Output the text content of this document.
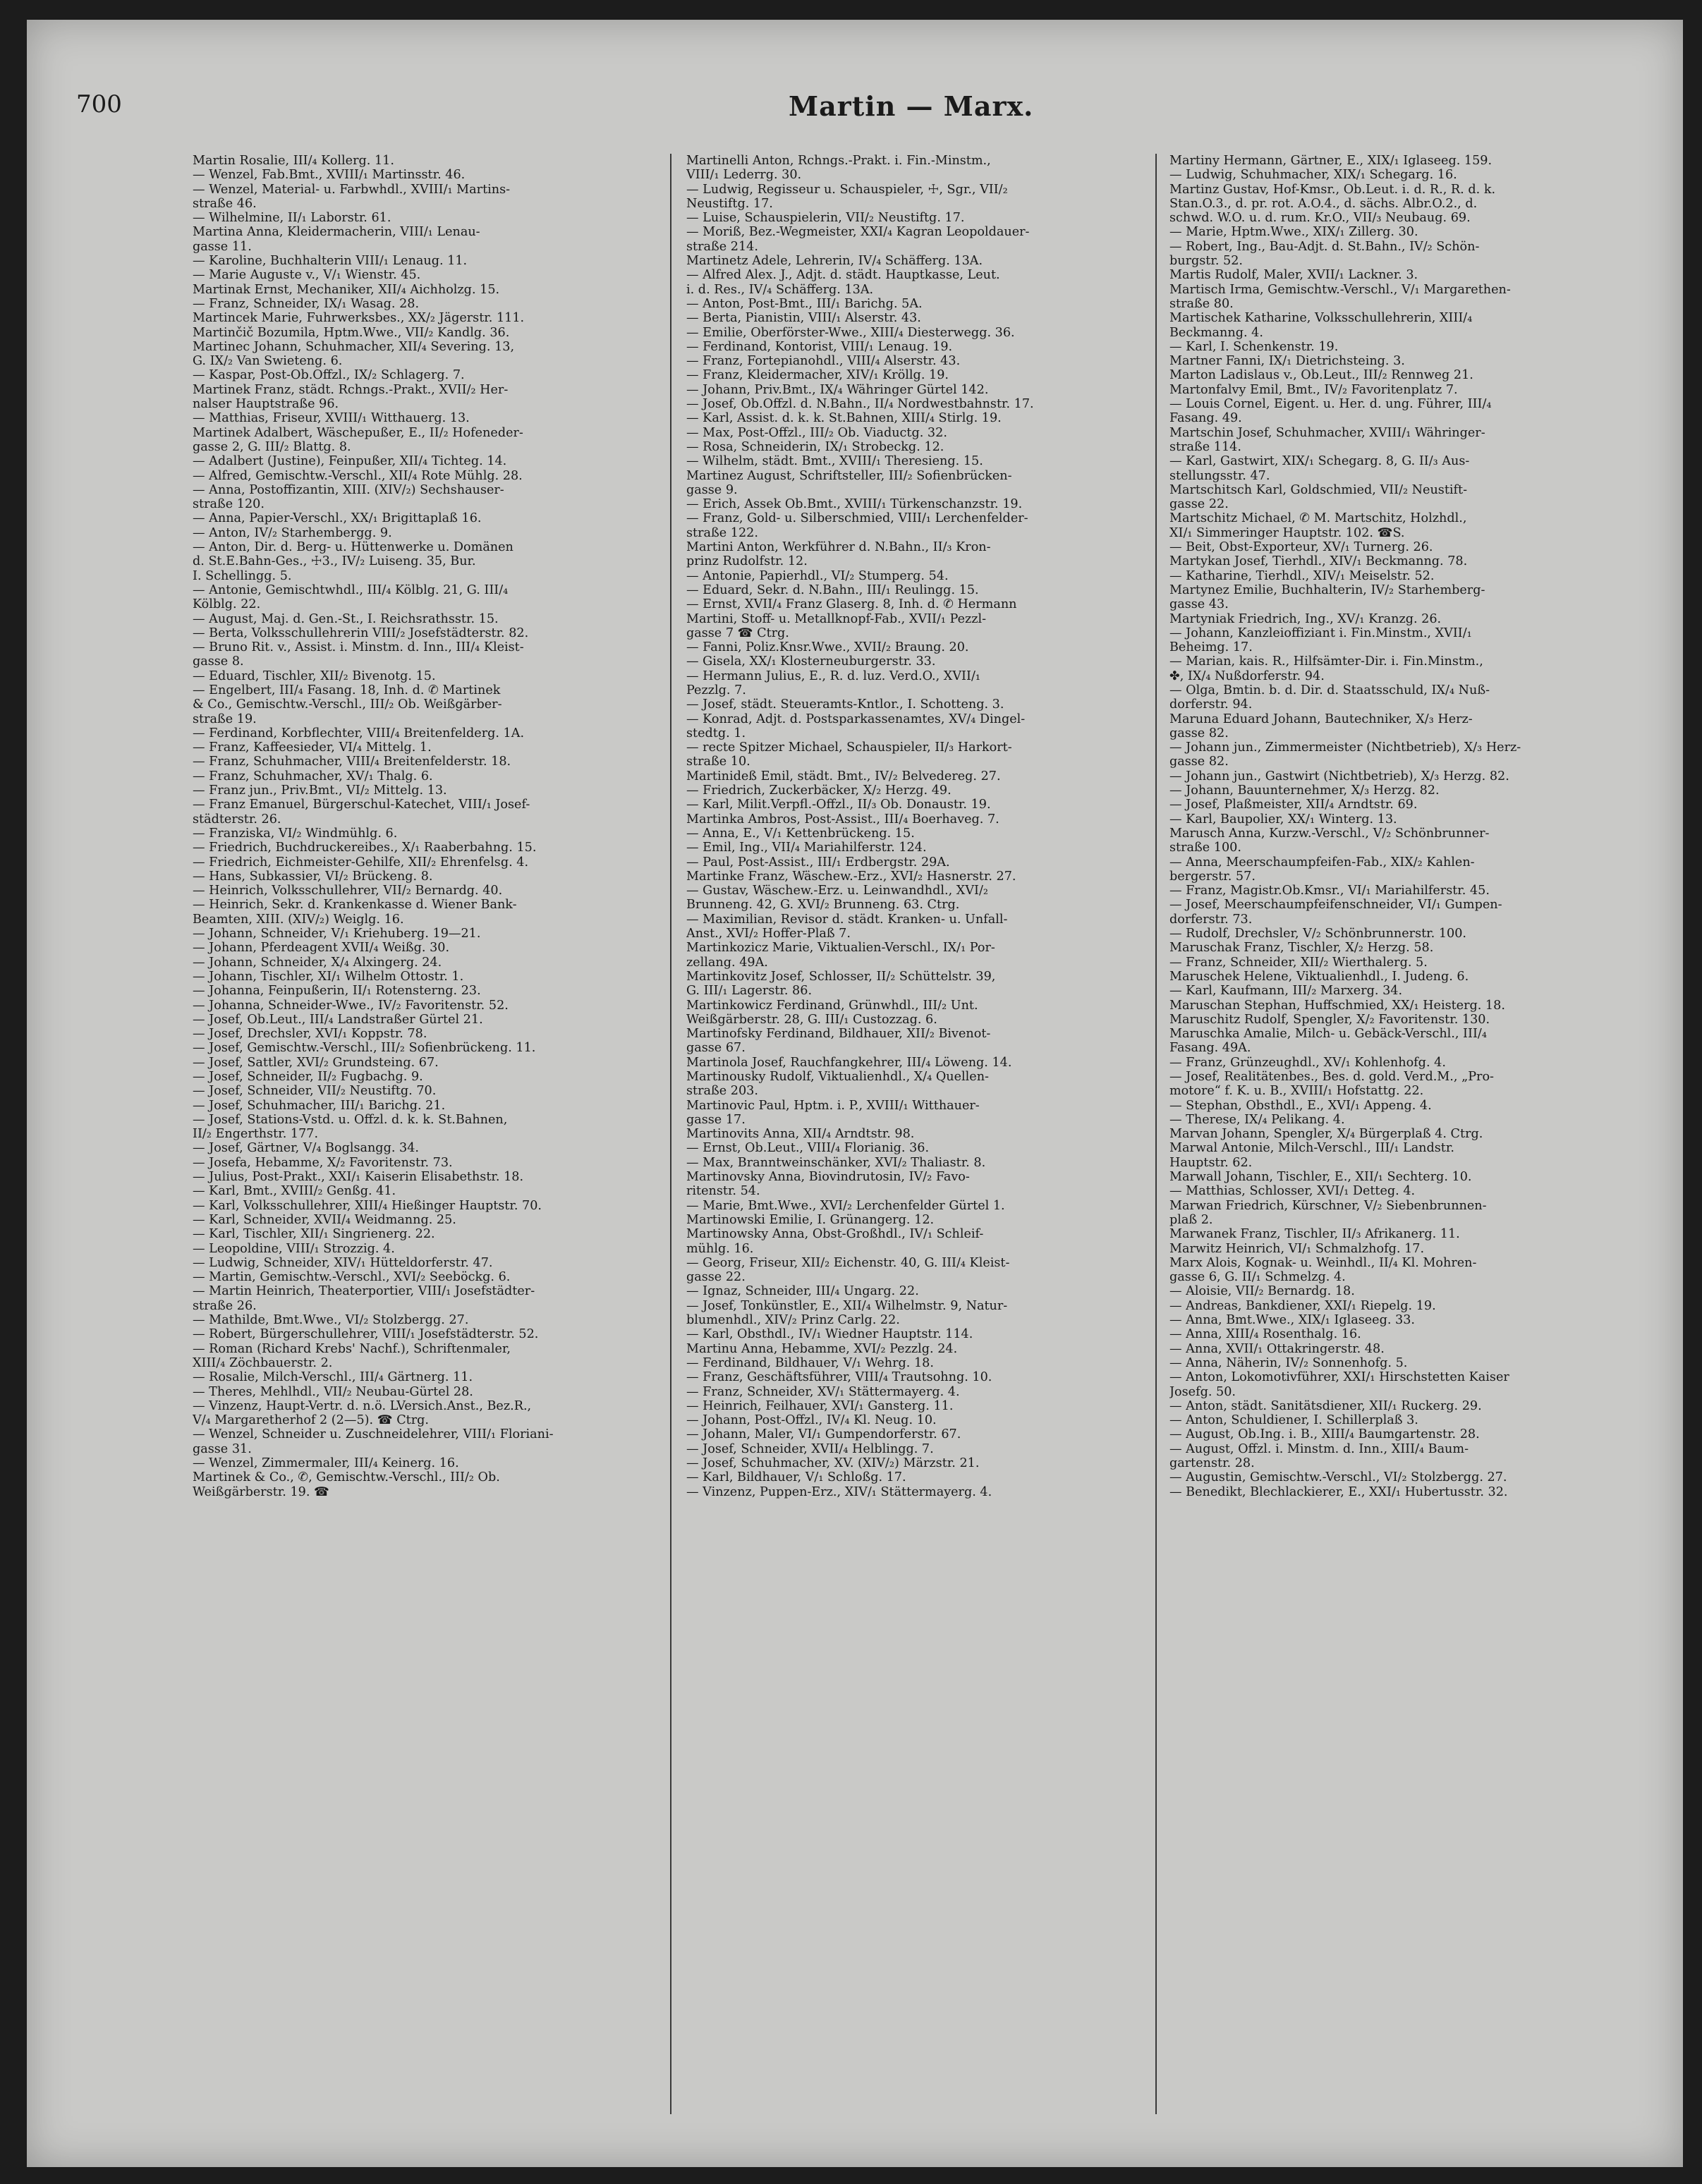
700	Martin — Marx.
Martin Rosalie, III/₄ Kollerg. 11.
— Wenzel, Fab.Bmt., XVIII/₁ Martinsstr. 46.
— Wenzel, Material- u. Farbwhdl., XVIII/₁ Martins-
straße 46.
— Wilhelmine, II/₁ Laborstr. 61.
Martina Anna, Kleidermacherin, VIII/₁ Lenau-
gasse 11.
— Karoline, Buchhalterin VIII/₁ Lenaug. 11.
— Marie Auguste v., V/₁ Wienstr. 45.
Martinak Ernst, Mechaniker, XII/₄ Aichholzg. 15.
— Franz, Schneider, IX/₁ Wasag. 28.
Martincek Marie, Fuhrwerksbes., XX/₂ Jägerstr. 111.
Martinčič Bozumila, Hptm.Wwe., VII/₂ Kandlg. 36.
Martinec Johann, Schuhmacher, XII/₄ Severing. 13,
G. IX/₂ Van Swieteng. 6.
— Kaspar, Post-Ob.Offzl., IX/₂ Schlagerg. 7.
Martinek Franz, städt. Rchngs.-Prakt., XVII/₂ Her-
nalser Hauptstraße 96.
— Matthias, Friseur, XVIII/₁ Witthauerg. 13.
Martinek Adalbert, Wäschepußer, E., II/₂ Hofeneder-
gasse 2, G. III/₂ Blattg. 8.
— Adalbert (Justine), Feinpußer, XII/₄ Tichteg. 14.
— Alfred, Gemischtw.-Verschl., XII/₄ Rote Mühlg. 28.
— Anna, Postoffizantin, XIII. (XIV/₂) Sechshauser-
straße 120.
— Anna, Papier-Verschl., XX/₁ Brigittaplaß 16.
— Anton, IV/₂ Starhembergg. 9.
— Anton, Dir. d. Berg- u. Hüttenwerke u. Domänen
d. St.E.Bahn-Ges., ☩3., IV/₂ Luiseng. 35, Bur.
I. Schellingg. 5.
— Antonie, Gemischtwhdl., III/₄ Kölblg. 21, G. III/₄
Kölblg. 22.
— August, Maj. d. Gen.-St., I. Reichsrathsstr. 15.
— Berta, Volksschullehrerin VIII/₂ Josefstädterstr. 82.
— Bruno Rit. v., Assist. i. Minstm. d. Inn., III/₄ Kleist-
gasse 8.
— Eduard, Tischler, XII/₂ Bivenotg. 15.
— Engelbert, III/₄ Fasang. 18, Inh. d. ✆ Martinek
& Co., Gemischtw.-Verschl., III/₂ Ob. Weißgärber-
straße 19.
— Ferdinand, Korbflechter, VIII/₄ Breitenfelderg. 1A.
— Franz, Kaffeesieder, VI/₄ Mittelg. 1.
— Franz, Schuhmacher, VIII/₄ Breitenfelderstr. 18.
— Franz, Schuhmacher, XV/₁ Thalg. 6.
— Franz jun., Priv.Bmt., VI/₂ Mittelg. 13.
— Franz Emanuel, Bürgerschul-Katechet, VIII/₁ Josef-
städterstr. 26.
— Franziska, VI/₂ Windmühlg. 6.
— Friedrich, Buchdruckereibes., X/₁ Raaberbahng. 15.
— Friedrich, Eichmeister-Gehilfe, XII/₂ Ehrenfelsg. 4.
— Hans, Subkassier, VI/₂ Brückeng. 8.
— Heinrich, Volksschullehrer, VII/₂ Bernardg. 40.
— Heinrich, Sekr. d. Krankenkasse d. Wiener Bank-
Beamten, XIII. (XIV/₂) Weiglg. 16.
— Johann, Schneider, V/₁ Kriehuberg. 19—21.
— Johann, Pferdeagent XVII/₄ Weißg. 30.
— Johann, Schneider, X/₄ Alxingerg. 24.
— Johann, Tischler, XI/₁ Wilhelm Ottostr. 1.
— Johanna, Feinpußerin, II/₁ Rotensterng. 23.
— Johanna, Schneider-Wwe., IV/₂ Favoritenstr. 52.
— Josef, Ob.Leut., III/₄ Landstraßer Gürtel 21.
— Josef, Drechsler, XVI/₁ Koppstr. 78.
— Josef, Gemischtw.-Verschl., III/₂ Sofienbrückeng. 11.
— Josef, Sattler, XVI/₂ Grundsteing. 67.
— Josef, Schneider, II/₂ Fugbachg. 9.
— Josef, Schneider, VII/₂ Neustiftg. 70.
— Josef, Schuhmacher, III/₁ Barichg. 21.
— Josef, Stations-Vstd. u. Offzl. d. k. k. St.Bahnen,
II/₂ Engerthstr. 177.
— Josef, Gärtner, V/₄ Boglsangg. 34.
— Josefa, Hebamme, X/₂ Favoritenstr. 73.
— Julius, Post-Prakt., XXI/₁ Kaiserin Elisabethstr. 18.
— Karl, Bmt., XVIII/₂ Genßg. 41.
— Karl, Volksschullehrer, XIII/₄ Hießinger Hauptstr. 70.
— Karl, Schneider, XVII/₄ Weidmanng. 25.
— Karl, Tischler, XII/₁ Singrienerg. 22.
— Leopoldine, VIII/₁ Strozzig. 4.
— Ludwig, Schneider, XIV/₁ Hütteldorferstr. 47.
— Martin, Gemischtw.-Verschl., XVI/₂ Seeböckg. 6.
— Martin Heinrich, Theaterportier, VIII/₁ Josefstädter-
straße 26.
— Mathilde, Bmt.Wwe., VI/₂ Stolzbergg. 27.
— Robert, Bürgerschullehrer, VIII/₁ Josefstädterstr. 52.
— Roman (Richard Krebs' Nachf.), Schriftenmaler,
XIII/₄ Zöchbauerstr. 2.
— Rosalie, Milch-Verschl., III/₄ Gärtnerg. 11.
— Theres, Mehlhdl., VII/₂ Neubau-Gürtel 28.
— Vinzenz, Haupt-Vertr. d. n.ö. LVersich.Anst., Bez.R.,
V/₄ Margaretherhof 2 (2—5). ☎ Ctrg.
— Wenzel, Schneider u. Zuschneidelehrer, VIII/₁ Floriani-
gasse 31.
— Wenzel, Zimmermaler, III/₄ Keinerg. 16.
Martinek & Co., ✆, Gemischtw.-Verschl., III/₂ Ob.
Weißgärberstr. 19. ☎
Martinelli Anton, Rchngs.-Prakt. i. Fin.-Minstm.,
VIII/₁ Lederrg. 30.
— Ludwig, Regisseur u. Schauspieler, ☩, Sgr., VII/₂
Neustiftg. 17.
— Luise, Schauspielerin, VII/₂ Neustiftg. 17.
— Moriß, Bez.-Wegmeister, XXI/₄ Kagran Leopoldauer-
straße 214.
Martinetz Adele, Lehrerin, IV/₄ Schäfferg. 13A.
— Alfred Alex. J., Adjt. d. städt. Hauptkasse, Leut.
i. d. Res., IV/₄ Schäfferg. 13A.
— Anton, Post-Bmt., III/₁ Barichg. 5A.
— Berta, Pianistin, VIII/₁ Alserstr. 43.
— Emilie, Oberförster-Wwe., XIII/₄ Diesterwegg. 36.
— Ferdinand, Kontorist, VIII/₁ Lenaug. 19.
— Franz, Fortepianohdl., VIII/₄ Alserstr. 43.
— Franz, Kleidermacher, XIV/₁ Kröllg. 19.
— Johann, Priv.Bmt., IX/₄ Währinger Gürtel 142.
— Josef, Ob.Offzl. d. N.Bahn., II/₄ Nordwestbahnstr. 17.
— Karl, Assist. d. k. k. St.Bahnen, XIII/₄ Stirlg. 19.
— Max, Post-Offzl., III/₂ Ob. Viaductg. 32.
— Rosa, Schneiderin, IX/₁ Strobeckg. 12.
— Wilhelm, städt. Bmt., XVIII/₁ Theresieng. 15.
Martinez August, Schriftsteller, III/₂ Sofienbrücken-
gasse 9.
— Erich, Assek Ob.Bmt., XVIII/₁ Türkenschanzstr. 19.
— Franz, Gold- u. Silberschmied, VIII/₁ Lerchenfelder-
straße 122.
Martini Anton, Werkführer d. N.Bahn., II/₃ Kron-
prinz Rudolfstr. 12.
— Antonie, Papierhdl., VI/₂ Stumperg. 54.
— Eduard, Sekr. d. N.Bahn., III/₁ Reulingg. 15.
— Ernst, XVII/₄ Franz Glaserg. 8, Inh. d. ✆ Hermann
Martini, Stoff- u. Metallknopf-Fab., XVII/₁ Pezzl-
gasse 7 ☎ Ctrg.
— Fanni, Poliz.Knsr.Wwe., XVII/₂ Braung. 20.
— Gisela, XX/₁ Klosterneuburgerstr. 33.
— Hermann Julius, E., R. d. luz. Verd.O., XVII/₁
Pezzlg. 7.
— Josef, städt. Steueramts-Kntlor., I. Schotteng. 3.
— Konrad, Adjt. d. Postsparkassenamtes, XV/₄ Dingel-
stedtg. 1.
— recte Spitzer Michael, Schauspieler, II/₃ Harkort-
straße 10.
Martinideß Emil, städt. Bmt., IV/₂ Belvedereg. 27.
— Friedrich, Zuckerbäcker, X/₂ Herzg. 49.
— Karl, Milit.Verpfl.-Offzl., II/₃ Ob. Donaustr. 19.
Martinka Ambros, Post-Assist., III/₄ Boerhaveg. 7.
— Anna, E., V/₁ Kettenbrückeng. 15.
— Emil, Ing., VII/₄ Mariahilferstr. 124.
— Paul, Post-Assist., III/₁ Erdbergstr. 29A.
Martinke Franz, Wäschew.-Erz., XVI/₂ Hasnerstr. 27.
— Gustav, Wäschew.-Erz. u. Leinwandhdl., XVI/₂
Brunneng. 42, G. XVI/₂ Brunneng. 63. Ctrg.
— Maximilian, Revisor d. städt. Kranken- u. Unfall-
Anst., XVI/₂ Hoffer-Plaß 7.
Martinkozicz Marie, Viktualien-Verschl., IX/₁ Por-
zellang. 49A.
Martinkovitz Josef, Schlosser, II/₂ Schüttelstr. 39,
G. III/₁ Lagerstr. 86.
Martinkowicz Ferdinand, Grünwhdl., III/₂ Unt.
Weißgärberstr. 28, G. III/₁ Custozzag. 6.
Martinofsky Ferdinand, Bildhauer, XII/₂ Bivenot-
gasse 67.
Martinola Josef, Rauchfangkehrer, III/₄ Löweng. 14.
Martinousky Rudolf, Viktualienhdl., X/₄ Quellen-
straße 203.
Martinovic Paul, Hptm. i. P., XVIII/₁ Witthauer-
gasse 17.
Martinovits Anna, XII/₄ Arndtstr. 98.
— Ernst, Ob.Leut., VIII/₄ Florianig. 36.
— Max, Branntweinschänker, XVI/₂ Thaliastr. 8.
Martinovsky Anna, Biovindrutosin, IV/₂ Favo-
ritenstr. 54.
— Marie, Bmt.Wwe., XVI/₂ Lerchenfelder Gürtel 1.
Martinowski Emilie, I. Grünangerg. 12.
Martinowsky Anna, Obst-Großhdl., IV/₁ Schleif-
mühlg. 16.
— Georg, Friseur, XII/₂ Eichenstr. 40, G. III/₄ Kleist-
gasse 22.
— Ignaz, Schneider, III/₄ Ungarg. 22.
— Josef, Tonkünstler, E., XII/₄ Wilhelmstr. 9, Natur-
blumenhdl., XIV/₂ Prinz Carlg. 22.
— Karl, Obsthdl., IV/₁ Wiedner Hauptstr. 114.
Martinu Anna, Hebamme, XVI/₂ Pezzlg. 24.
— Ferdinand, Bildhauer, V/₁ Wehrg. 18.
— Franz, Geschäftsführer, VIII/₄ Trautsohng. 10.
— Franz, Schneider, XV/₁ Stättermayerg. 4.
— Heinrich, Feilhauer, XVI/₁ Gansterg. 11.
— Johann, Post-Offzl., IV/₄ Kl. Neug. 10.
— Johann, Maler, VI/₁ Gumpendorferstr. 67.
— Josef, Schneider, XVII/₄ Helblingg. 7.
— Josef, Schuhmacher, XV. (XIV/₂) Märzstr. 21.
— Karl, Bildhauer, V/₁ Schloßg. 17.
— Vinzenz, Puppen-Erz., XIV/₁ Stättermayerg. 4.
Martiny Hermann, Gärtner, E., XIX/₁ Iglaseeg. 159.
— Ludwig, Schuhmacher, XIX/₁ Schegarg. 16.
Martinz Gustav, Hof-Kmsr., Ob.Leut. i. d. R., R. d. k.
Stan.O.3., d. pr. rot. A.O.4., d. sächs. Albr.O.2., d.
schwd. W.O. u. d. rum. Kr.O., VII/₃ Neubaug. 69.
— Marie, Hptm.Wwe., XIX/₁ Zillerg. 30.
— Robert, Ing., Bau-Adjt. d. St.Bahn., IV/₂ Schön-
burgstr. 52.
Martis Rudolf, Maler, XVII/₁ Lackner. 3.
Martisch Irma, Gemischtw.-Verschl., V/₁ Margarethen-
straße 80.
Martischek Katharine, Volksschullehrerin, XIII/₄
Beckmanng. 4.
— Karl, I. Schenkenstr. 19.
Martner Fanni, IX/₁ Dietrichsteing. 3.
Marton Ladislaus v., Ob.Leut., III/₂ Rennweg 21.
Martonfalvy Emil, Bmt., IV/₂ Favoritenplatz 7.
— Louis Cornel, Eigent. u. Her. d. ung. Führer, III/₄
Fasang. 49.
Martschin Josef, Schuhmacher, XVIII/₁ Währinger-
straße 114.
— Karl, Gastwirt, XIX/₁ Schegarg. 8, G. II/₃ Aus-
stellungsstr. 47.
Martschitsch Karl, Goldschmied, VII/₂ Neustift-
gasse 22.
Martschitz Michael, ✆ M. Martschitz, Holzhdl.,
XI/₁ Simmeringer Hauptstr. 102. ☎S.
— Beit, Obst-Exporteur, XV/₁ Turnerg. 26.
Martykan Josef, Tierhdl., XIV/₁ Beckmanng. 78.
— Katharine, Tierhdl., XIV/₁ Meiselstr. 52.
Martynez Emilie, Buchhalterin, IV/₂ Starhemberg-
gasse 43.
Martyniak Friedrich, Ing., XV/₁ Kranzg. 26.
— Johann, Kanzleioffiziant i. Fin.Minstm., XVII/₁
Beheimg. 17.
— Marian, kais. R., Hilfsämter-Dir. i. Fin.Minstm.,
✤, IX/₄ Nußdorferstr. 94.
— Olga, Bmtin. b. d. Dir. d. Staatsschuld, IX/₄ Nuß-
dorferstr. 94.
Maruna Eduard Johann, Bautechniker, X/₃ Herz-
gasse 82.
— Johann jun., Zimmermeister (Nichtbetrieb), X/₃ Herz-
gasse 82.
— Johann jun., Gastwirt (Nichtbetrieb), X/₃ Herzg. 82.
— Johann, Bauunternehmer, X/₃ Herzg. 82.
— Josef, Plaßmeister, XII/₄ Arndtstr. 69.
— Karl, Baupolier, XX/₁ Winterg. 13.
Marusch Anna, Kurzw.-Verschl., V/₂ Schönbrunner-
straße 100.
— Anna, Meerschaumpfeifen-Fab., XIX/₂ Kahlen-
bergerstr. 57.
— Franz, Magistr.Ob.Kmsr., VI/₁ Mariahilferstr. 45.
— Josef, Meerschaumpfeifenschneider, VI/₁ Gumpen-
dorferstr. 73.
— Rudolf, Drechsler, V/₂ Schönbrunnerstr. 100.
Maruschak Franz, Tischler, X/₂ Herzg. 58.
— Franz, Schneider, XII/₂ Wierthalerg. 5.
Maruschek Helene, Viktualienhdl., I. Judeng. 6.
— Karl, Kaufmann, III/₂ Marxerg. 34.
Maruschan Stephan, Huffschmied, XX/₁ Heisterg. 18.
Maruschitz Rudolf, Spengler, X/₂ Favoritenstr. 130.
Maruschka Amalie, Milch- u. Gebäck-Verschl., III/₄
Fasang. 49A.
— Franz, Grünzeughdl., XV/₁ Kohlenhofg. 4.
— Josef, Realitätenbes., Bes. d. gold. Verd.M., „Pro-
motore“ f. K. u. B., XVIII/₁ Hofstattg. 22.
— Stephan, Obsthdl., E., XVI/₁ Appeng. 4.
— Therese, IX/₄ Pelikang. 4.
Marvan Johann, Spengler, X/₄ Bürgerplaß 4. Ctrg.
Marwal Antonie, Milch-Verschl., III/₁ Landstr.
Hauptstr. 62.
Marwall Johann, Tischler, E., XII/₁ Sechterg. 10.
— Matthias, Schlosser, XVI/₁ Detteg. 4.
Marwan Friedrich, Kürschner, V/₂ Siebenbrunnen-
plaß 2.
Marwanek Franz, Tischler, II/₃ Afrikanerg. 11.
Marwitz Heinrich, VI/₁ Schmalzhofg. 17.
Marx Alois, Kognak- u. Weinhdl., II/₄ Kl. Mohren-
gasse 6, G. II/₁ Schmelzg. 4.
— Aloisie, VII/₂ Bernardg. 18.
— Andreas, Bankdiener, XXI/₁ Riepelg. 19.
— Anna, Bmt.Wwe., XIX/₁ Iglaseeg. 33.
— Anna, XIII/₄ Rosenthalg. 16.
— Anna, XVII/₁ Ottakringerstr. 48.
— Anna, Näherin, IV/₂ Sonnenhofg. 5.
— Anton, Lokomotivführer, XXI/₁ Hirschstetten Kaiser
Josefg. 50.
— Anton, städt. Sanitätsdiener, XII/₁ Ruckerg. 29.
— Anton, Schuldiener, I. Schillerplaß 3.
— August, Ob.Ing. i. B., XIII/₄ Baumgartenstr. 28.
— August, Offzl. i. Minstm. d. Inn., XIII/₄ Baum-
gartenstr. 28.
— Augustin, Gemischtw.-Verschl., VI/₂ Stolzbergg. 27.
— Benedikt, Blechlackierer, E., XXI/₁ Hubertusstr. 32.
